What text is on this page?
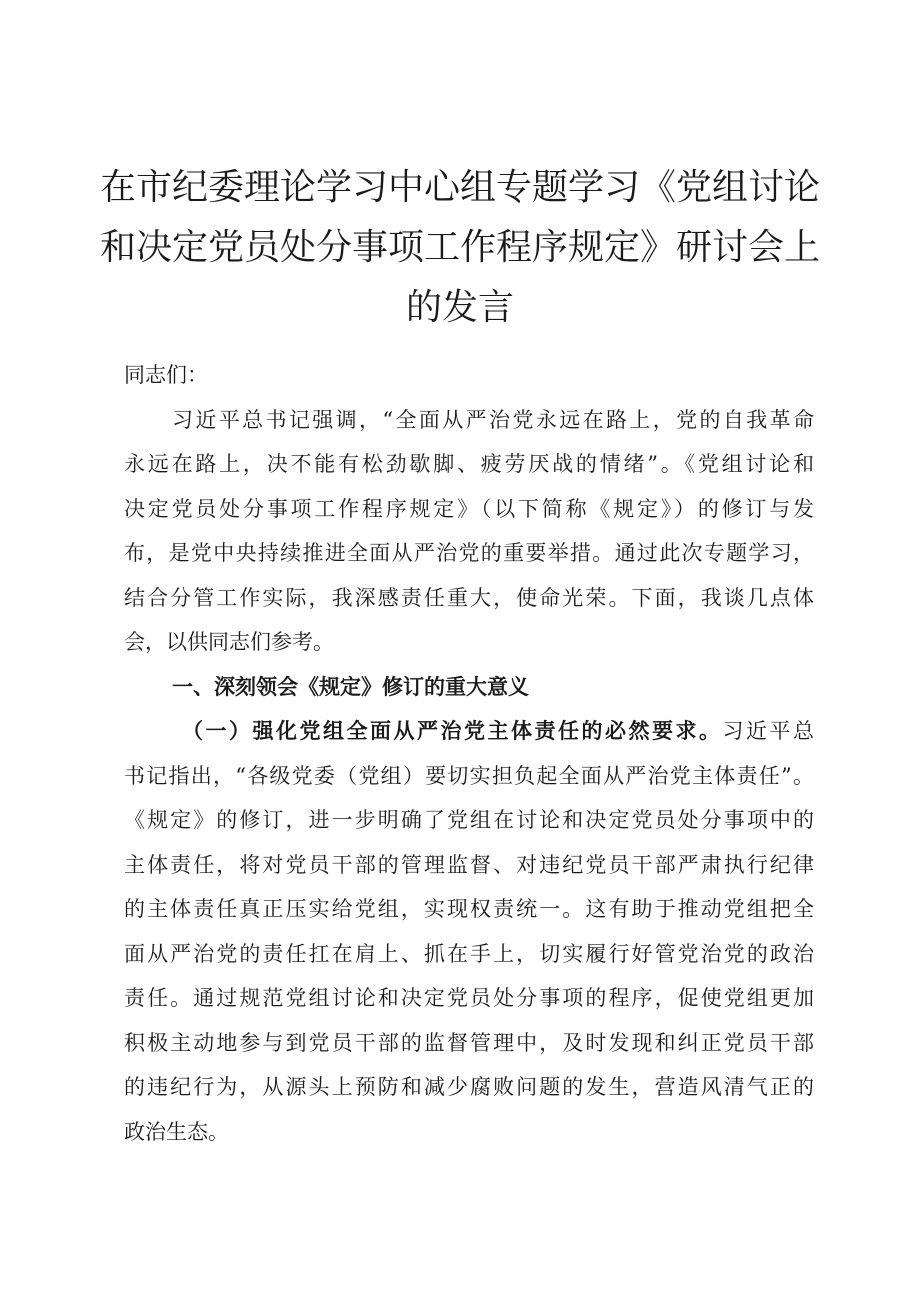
在市纪委理论学习中心组专题学习《党组讨论
和决定党员处分事项工作程序规定》研讨会上
的发言
同志们：
习近平总书记强调，“全面从严治党永远在路上，党的自我革命
永远在路上，决不能有松劲歇脚、疲劳厌战的情绪”。《党组讨论和
决定党员处分事项工作程序规定》（以下简称《规定》）的修订与发
布，是党中央持续推进全面从严治党的重要举措。通过此次专题学习，
结合分管工作实际，我深感责任重大，使命光荣。下面，我谈几点体
会，以供同志们参考。
一、深刻领会《规定》修订的重大意义
（一）强化党组全面从严治党主体责任的必然要求。习近平总
书记指出，“各级党委（党组）要切实担负起全面从严治党主体责任”。
《规定》的修订，进一步明确了党组在讨论和决定党员处分事项中的
主体责任，将对党员干部的管理监督、对违纪党员干部严肃执行纪律
的主体责任真正压实给党组，实现权责统一。这有助于推动党组把全
面从严治党的责任扛在肩上、抓在手上，切实履行好管党治党的政治
责任。通过规范党组讨论和决定党员处分事项的程序，促使党组更加
积极主动地参与到党员干部的监督管理中，及时发现和纠正党员干部
的违纪行为，从源头上预防和减少腐败问题的发生，营造风清气正的
政治生态。
